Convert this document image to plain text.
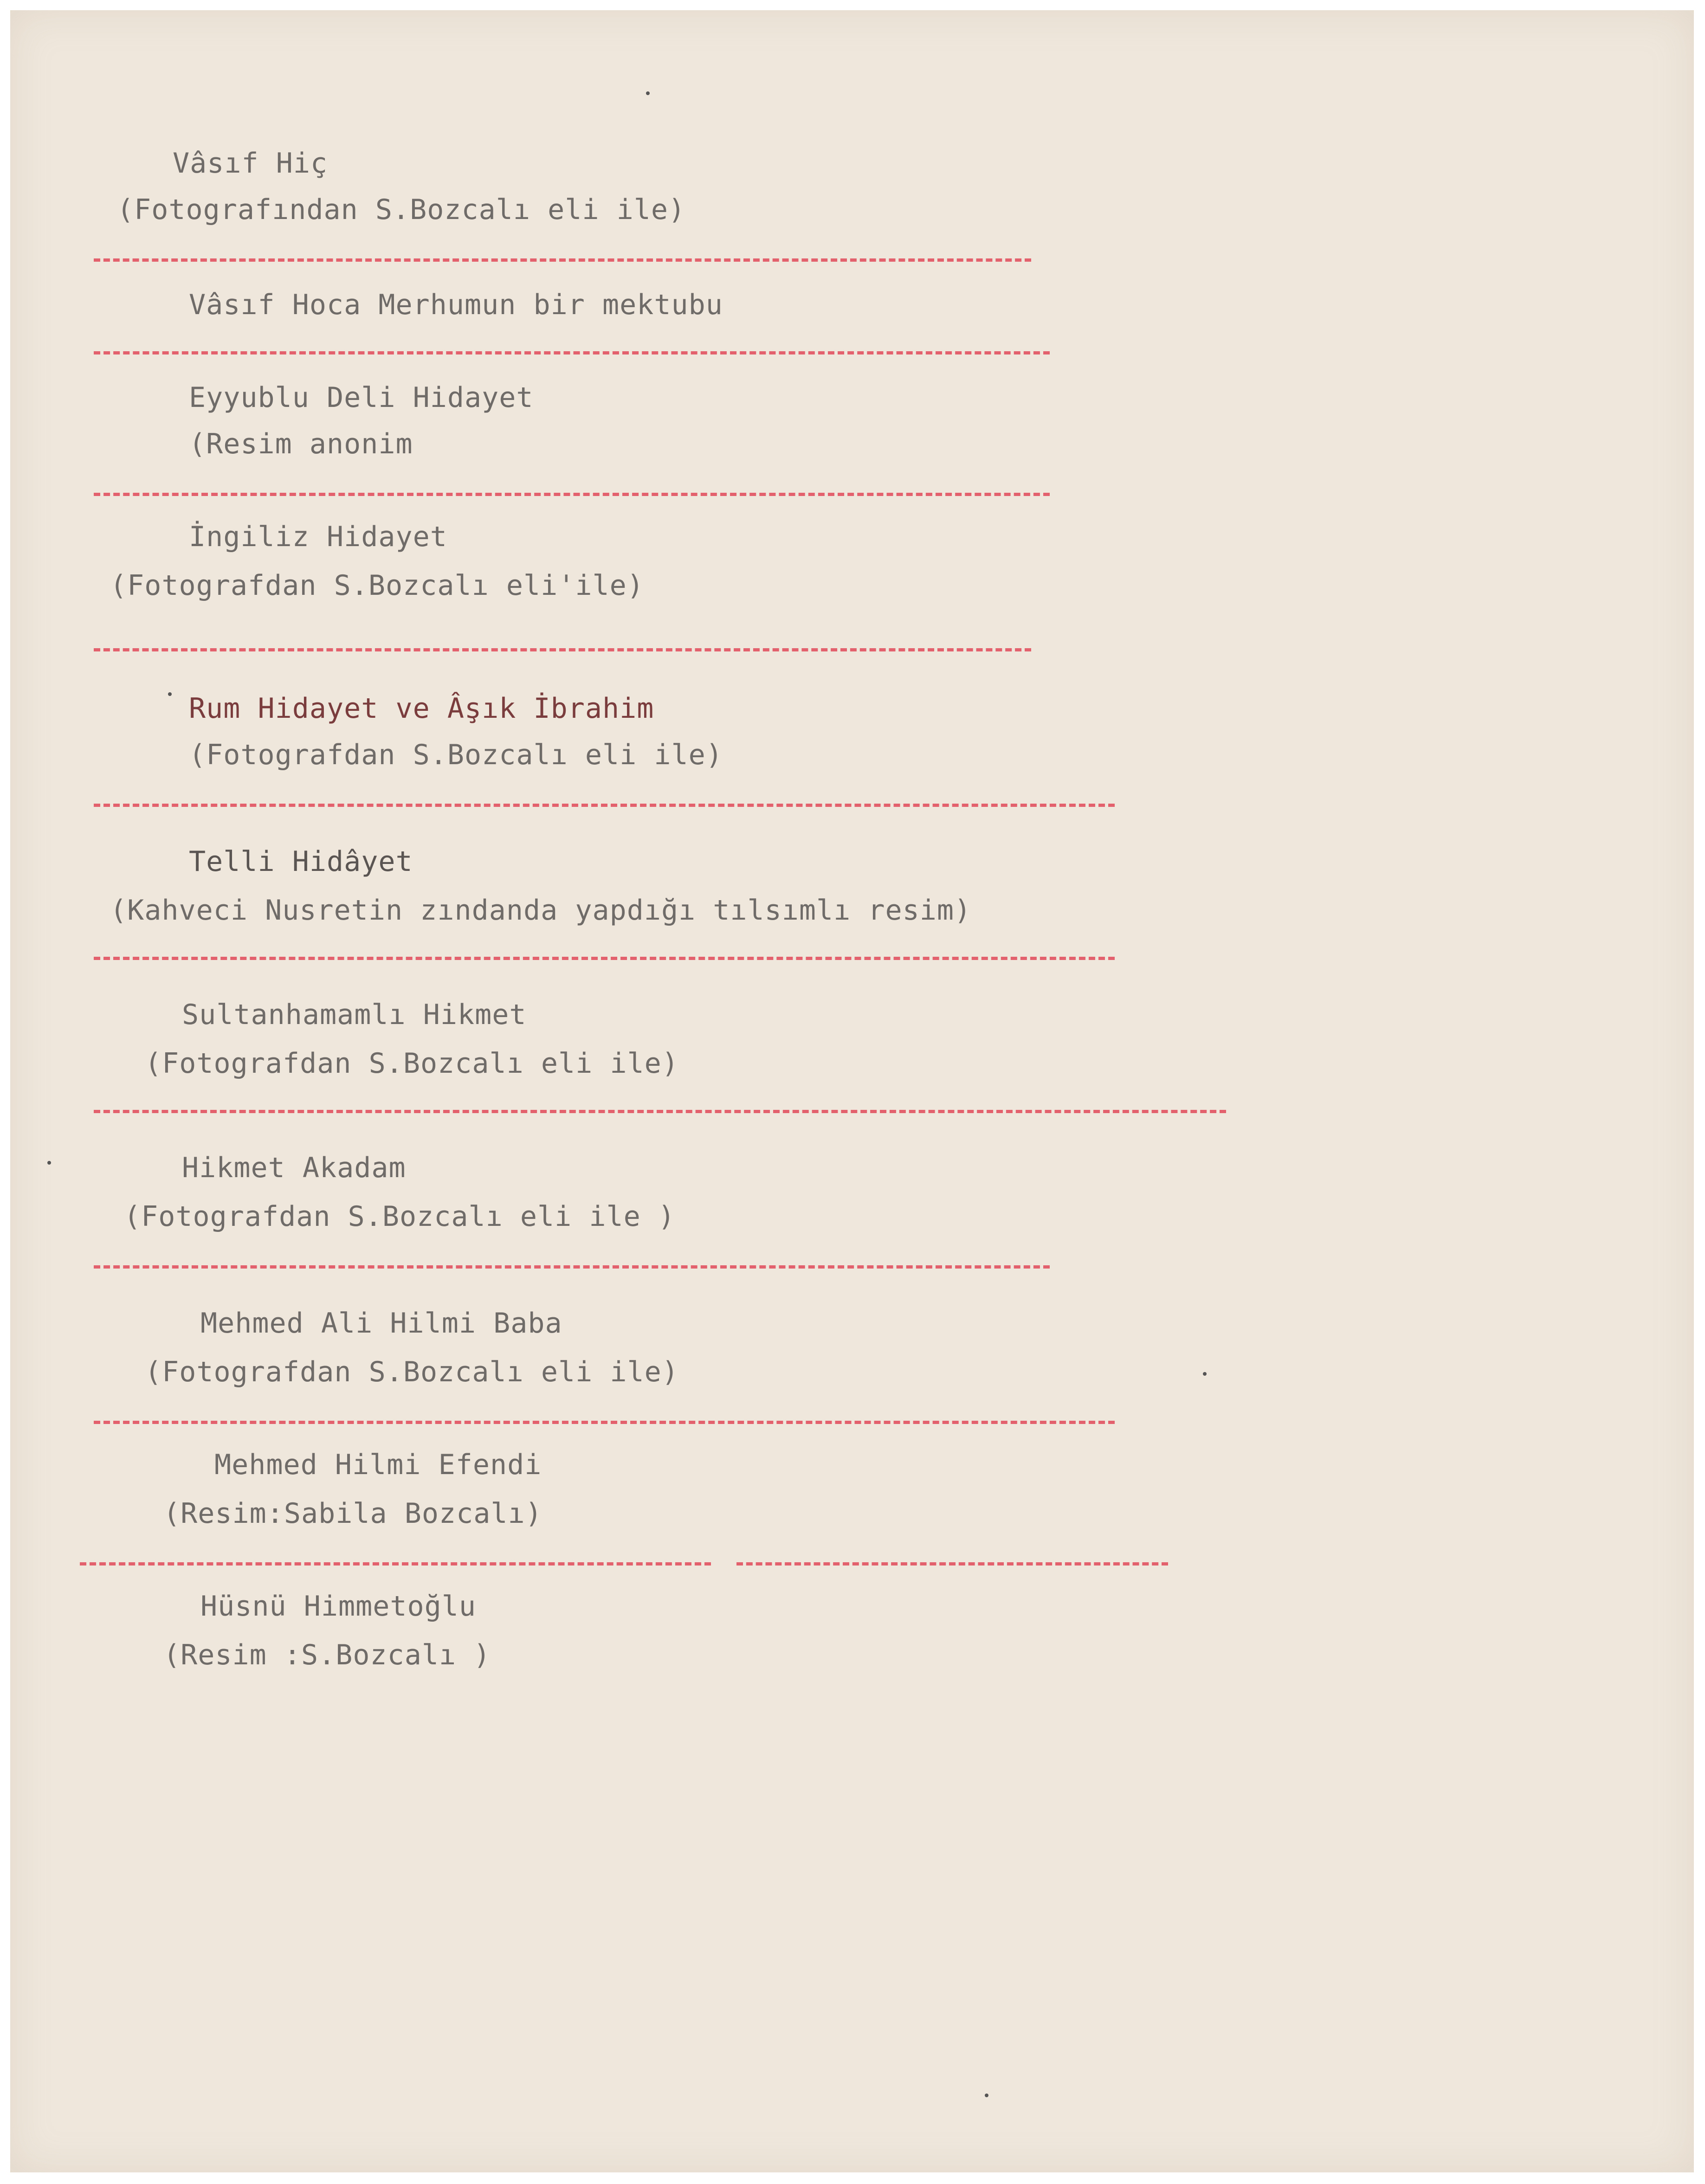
Vâsıf Hiç
(Fotografından S.Bozcalı eli ile)
Vâsıf Hoca Merhumun bir mektubu
Eyyublu Deli Hidayet
(Resim anonim
İngiliz Hidayet
(Fotografdan S.Bozcalı eli'ile)
Rum Hidayet ve Âşık İbrahim
(Fotografdan S.Bozcalı eli ile)
Telli Hidâyet
(Kahveci Nusretin zındanda yapdığı tılsımlı resim)
Sultanhamamlı Hikmet
(Fotografdan S.Bozcalı eli ile)
Hikmet Akadam
(Fotografdan S.Bozcalı eli ile )
Mehmed Ali Hilmi Baba
(Fotografdan S.Bozcalı eli ile)
Mehmed Hilmi Efendi
(Resim:Sabila Bozcalı)
Hüsnü Himmetoğlu
(Resim :S.Bozcalı )
